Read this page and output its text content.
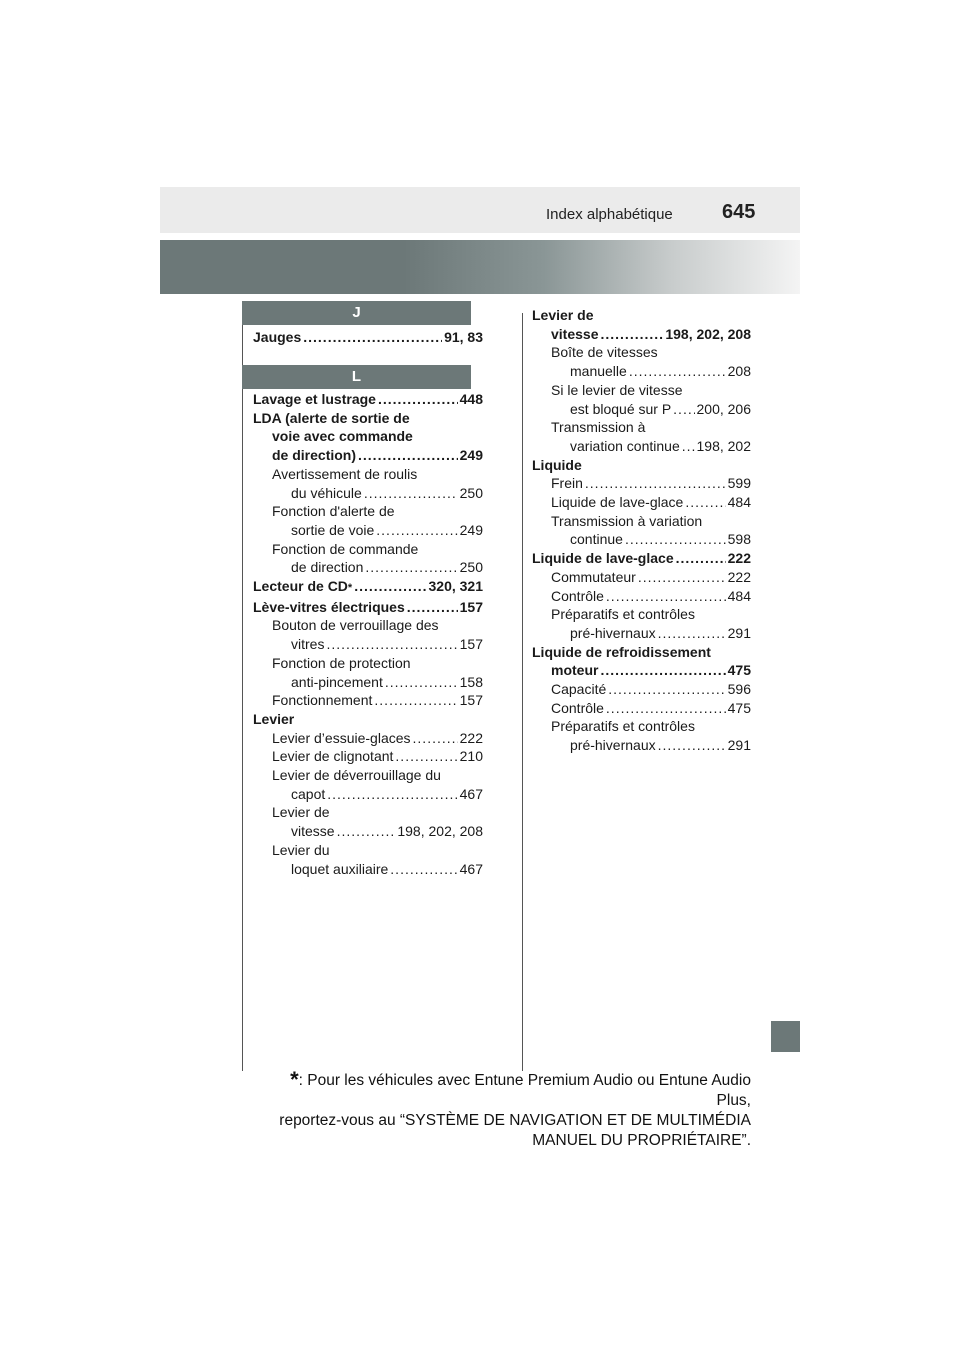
Index alphabétique 645
J
L
Jauges .....	91, 83
Lavage et lustrage .....	448
LDA (alerte de sortie de
voie avec commande
de direction) .....	249
Avertissement de roulis
du véhicule .....	250
Fonction d'alerte de
sortie de voie .....	249
Fonction de commande
de direction .....	250
Lecteur de CD * .....	320, 321
Lève-vitres électriques .....	157
Bouton de verrouillage des
vitres .....	157
Fonction de protection
anti-pincement .....	158
Fonctionnement .....	157
Levier
Levier d’essuie-glaces .....	222
Levier de clignotant .....	210
Levier de déverrouillage du
capot .....	467
Levier de
vitesse .....	198, 202, 208
Levier du
loquet auxiliaire .....	467
Levier de
vitesse .....	198, 202, 208
Boîte de vitesses
manuelle .....	208
Si le levier de vitesse
est bloqué sur P ..... 200, 206
Transmission à
variation continue ..... 198, 202
Liquide
Frein .....	599
Liquide de lave-glace .....	484
Transmission à variation
continue .....	598
Liquide de lave-glace .....	222
Commutateur .....	222
Contrôle .....	484
Préparatifs et contrôles
pré-hivernaux .....	291
Liquide de refroidissement
moteur .....	475
Capacité .....	596
Contrôle .....	475
Préparatifs et contrôles
pré-hivernaux .....	291
*: Pour les véhicules avec Entune Premium Audio ou Entune Audio Plus,
reportez-vous au “SYSTÈME DE NAVIGATION ET DE MULTIMÉDIA
MANUEL DU PROPRIÉTAIRE”.
